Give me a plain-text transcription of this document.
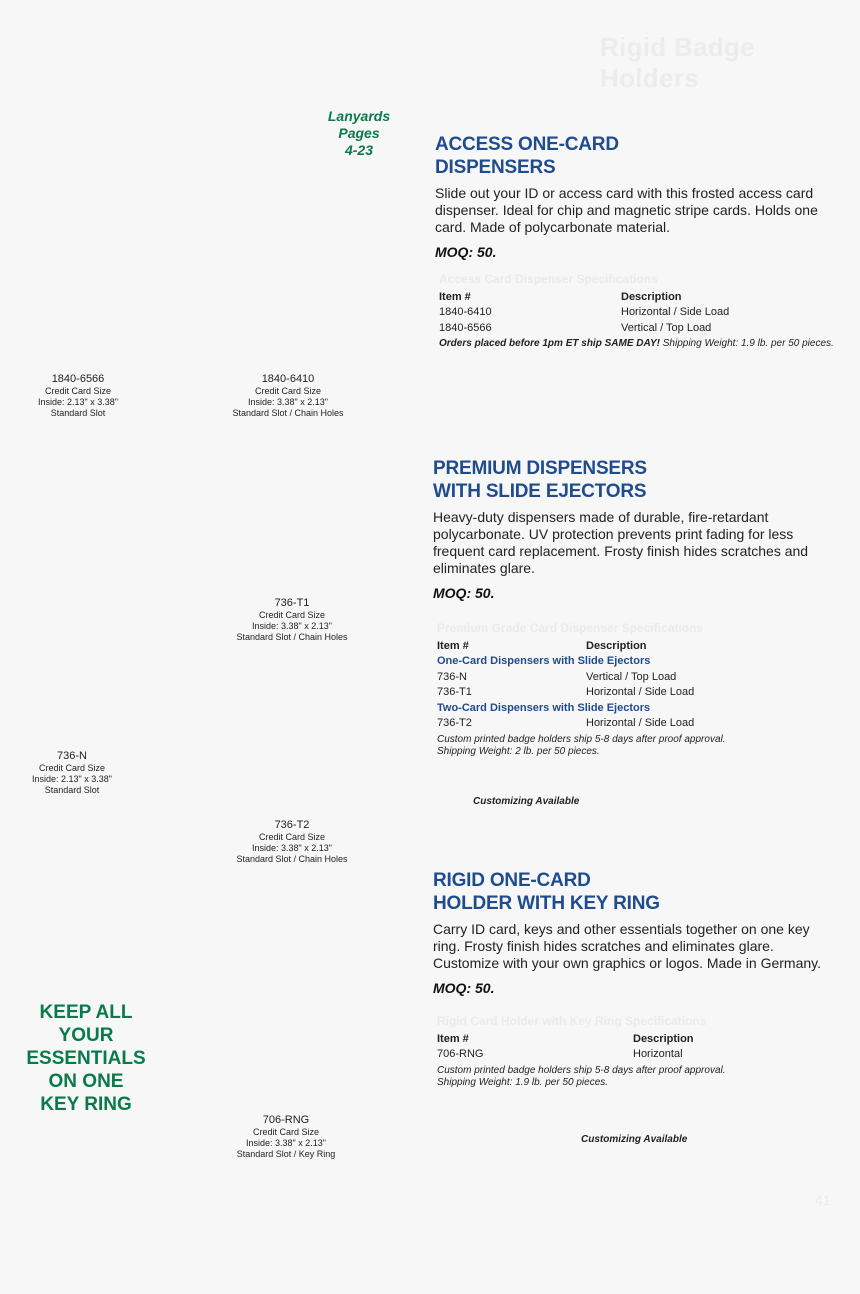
Rigid Badge Holders
Lanyards
Pages
4-23
1840-6566
Credit Card Size
Inside: 2.13" x 3.38"
Standard Slot
1840-6410
Credit Card Size
Inside: 3.38" x 2.13"
Standard Slot / Chain Holes
736-T1
Credit Card Size
Inside: 3.38" x 2.13"
Standard Slot / Chain Holes
736-N
Credit Card Size
Inside: 2.13" x 3.38"
Standard Slot
736-T2
Credit Card Size
Inside: 3.38" x 2.13"
Standard Slot / Chain Holes
706-RNG
Credit Card Size
Inside: 3.38" x 2.13"
Standard Slot / Key Ring
ACCESS ONE-CARD
DISPENSERS
Slide out your ID or access card with this frosted access card dispenser. Ideal for chip and magnetic stripe cards. Holds one card. Made of polycarbonate material.
MOQ: 50.
Access Card Dispenser Specifications
Item #	Description
1840-6410	Horizontal / Side Load
1840-6566	Vertical / Top Load
Orders placed before 1pm ET ship SAME DAY! Shipping Weight: 1.9 lb. per 50 pieces.
PREMIUM DISPENSERS
WITH SLIDE EJECTORS
Heavy-duty dispensers made of durable, fire-retardant polycarbonate. UV protection prevents print fading for less frequent card replacement. Frosty finish hides scratches and eliminates glare.
MOQ: 50.
Premium Grade Card Dispenser Specifications
Item #	Description
One-Card Dispensers with Slide Ejectors
736-N	Vertical / Top Load
736-T1	Horizontal / Side Load
Two-Card Dispensers with Slide Ejectors
736-T2	Horizontal / Side Load
Custom printed badge holders ship 5-8 days after proof approval.
Shipping Weight: 2 lb. per 50 pieces.
Customizing Available
RIGID ONE-CARD
HOLDER WITH KEY RING
Carry ID card, keys and other essentials together on one key ring. Frosty finish hides scratches and eliminates glare. Customize with your own graphics or logos. Made in Germany.
MOQ: 50.
Rigid Card Holder with Key Ring Specifications
Item #	Description
706-RNG	Horizontal
Custom printed badge holders ship 5-8 days after proof approval.
Shipping Weight: 1.9 lb. per 50 pieces.
Customizing Available
KEEP ALL
YOUR
ESSENTIALS
ON ONE
KEY RING
41
